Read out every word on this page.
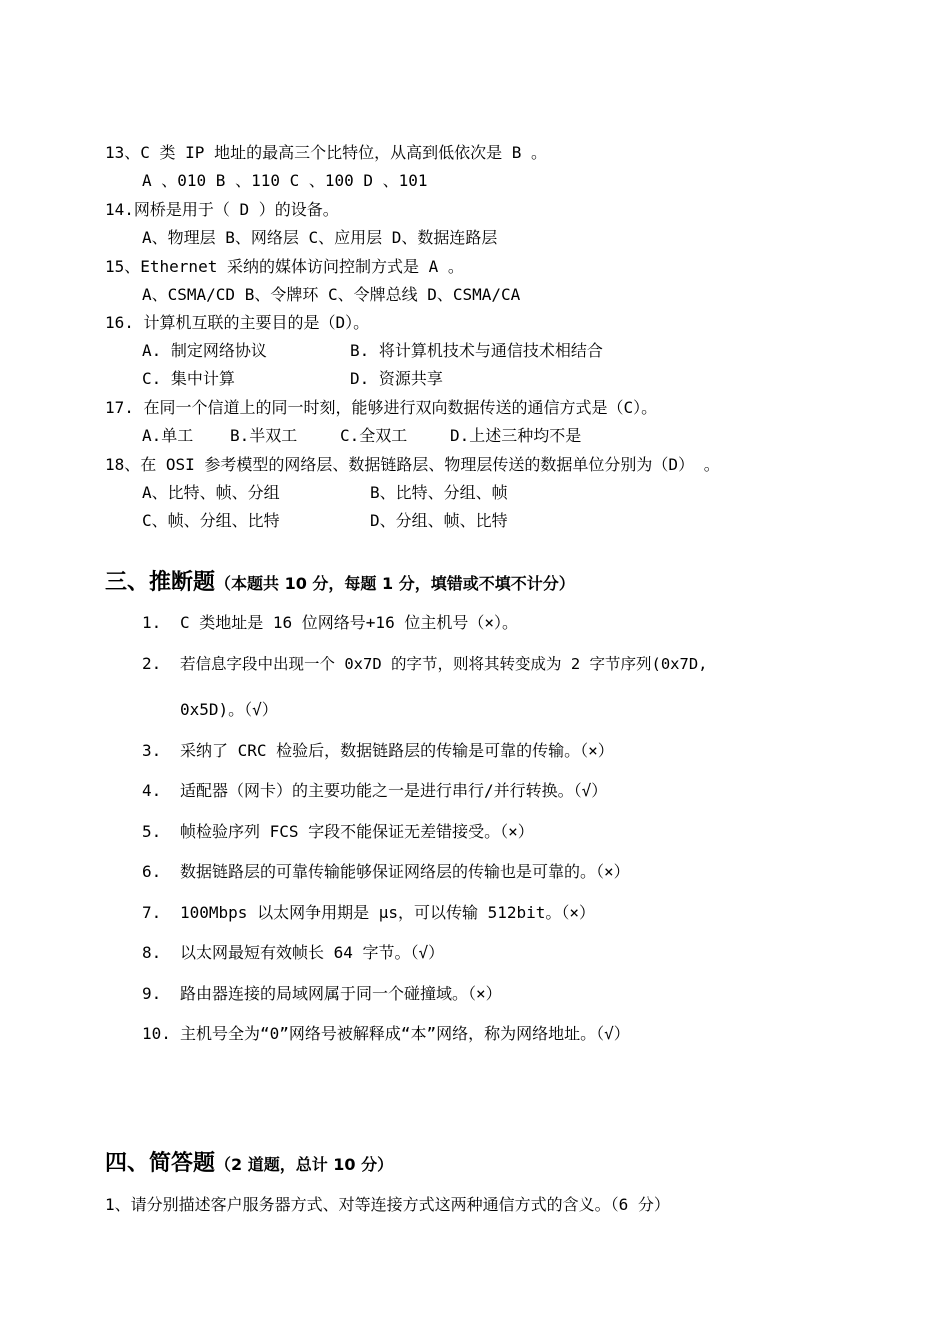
13、C 类 IP 地址的最高三个比特位，从高到低依次是 B 。
A 、010 B 、110 C 、100 D 、101
14.网桥是用于（ D ）的设备。
A、物理层 B、网络层 C、应用层 D、数据连路层
15、Ethernet 采纳的媒体访问控制方式是 A 。
A、CSMA/CD B、令牌环 C、令牌总线 D、CSMA/CA
16. 计算机互联的主要目的是（D）。
A. 制定网络协议	B. 将计算机技术与通信技术相结合
C. 集中计算	D. 资源共享
17. 在同一个信道上的同一时刻，能够进行双向数据传送的通信方式是（C）。
A.单工 B.半双工	C.全双工	D.上述三种均不是
18、在 OSI 参考模型的网络层、数据链路层、物理层传送的数据单位分别为（D） 。
A、比特、帧、分组	B、比特、分组、帧
C、帧、分组、比特	D、分组、帧、比特
三、推断题（本题共 10 分，每题 1 分，填错或不填不计分）
1. C 类地址是 16 位网络号+16 位主机号（×）。
2. 若信息字段中出现一个 0x7D 的字节，则将其转变成为 2 字节序列(0x7D,
0x5D)。（√）
3. 采纳了 CRC 检验后，数据链路层的传输是可靠的传输。（×）
4. 适配器（网卡）的主要功能之一是进行串行/并行转换。（√）
5. 帧检验序列 FCS 字段不能保证无差错接受。（×）
6. 数据链路层的可靠传输能够保证网络层的传输也是可靠的。（×）
7. 100Mbps 以太网争用期是 μs，可以传输 512bit。（×）
8. 以太网最短有效帧长 64 字节。（√）
9. 路由器连接的局域网属于同一个碰撞域。（×）
10. 主机号全为“0”网络号被解释成“本”网络，称为网络地址。（√）
四、简答题（2 道题，总计 10 分）
1、请分别描述客户服务器方式、对等连接方式这两种通信方式的含义。（6 分）
